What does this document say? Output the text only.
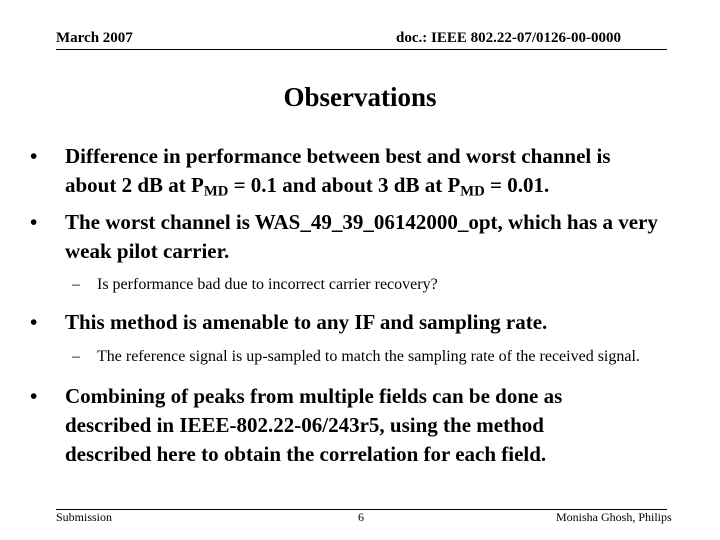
March 2007	doc.: IEEE 802.22-07/0126-00-0000
Observations
•	Difference in performance between best and worst channel is
about 2 dB at $P_{MD} = 0.1$ and about 3 dB at $P_{MD} = 0.01$.
•	The worst channel is WAS_49_39_06142000_opt, which has a very weak pilot carrier.
– Is performance bad due to incorrect carrier recovery?
•	This method is amenable to any IF and sampling rate.
– The reference signal is up-sampled to match the sampling rate of the received signal.
•	Combining of peaks from multiple fields can be done as described in IEEE-802.22-06/243r5, using the method described here to obtain the correlation for each field.
Submission	6	Monisha Ghosh, Philips
